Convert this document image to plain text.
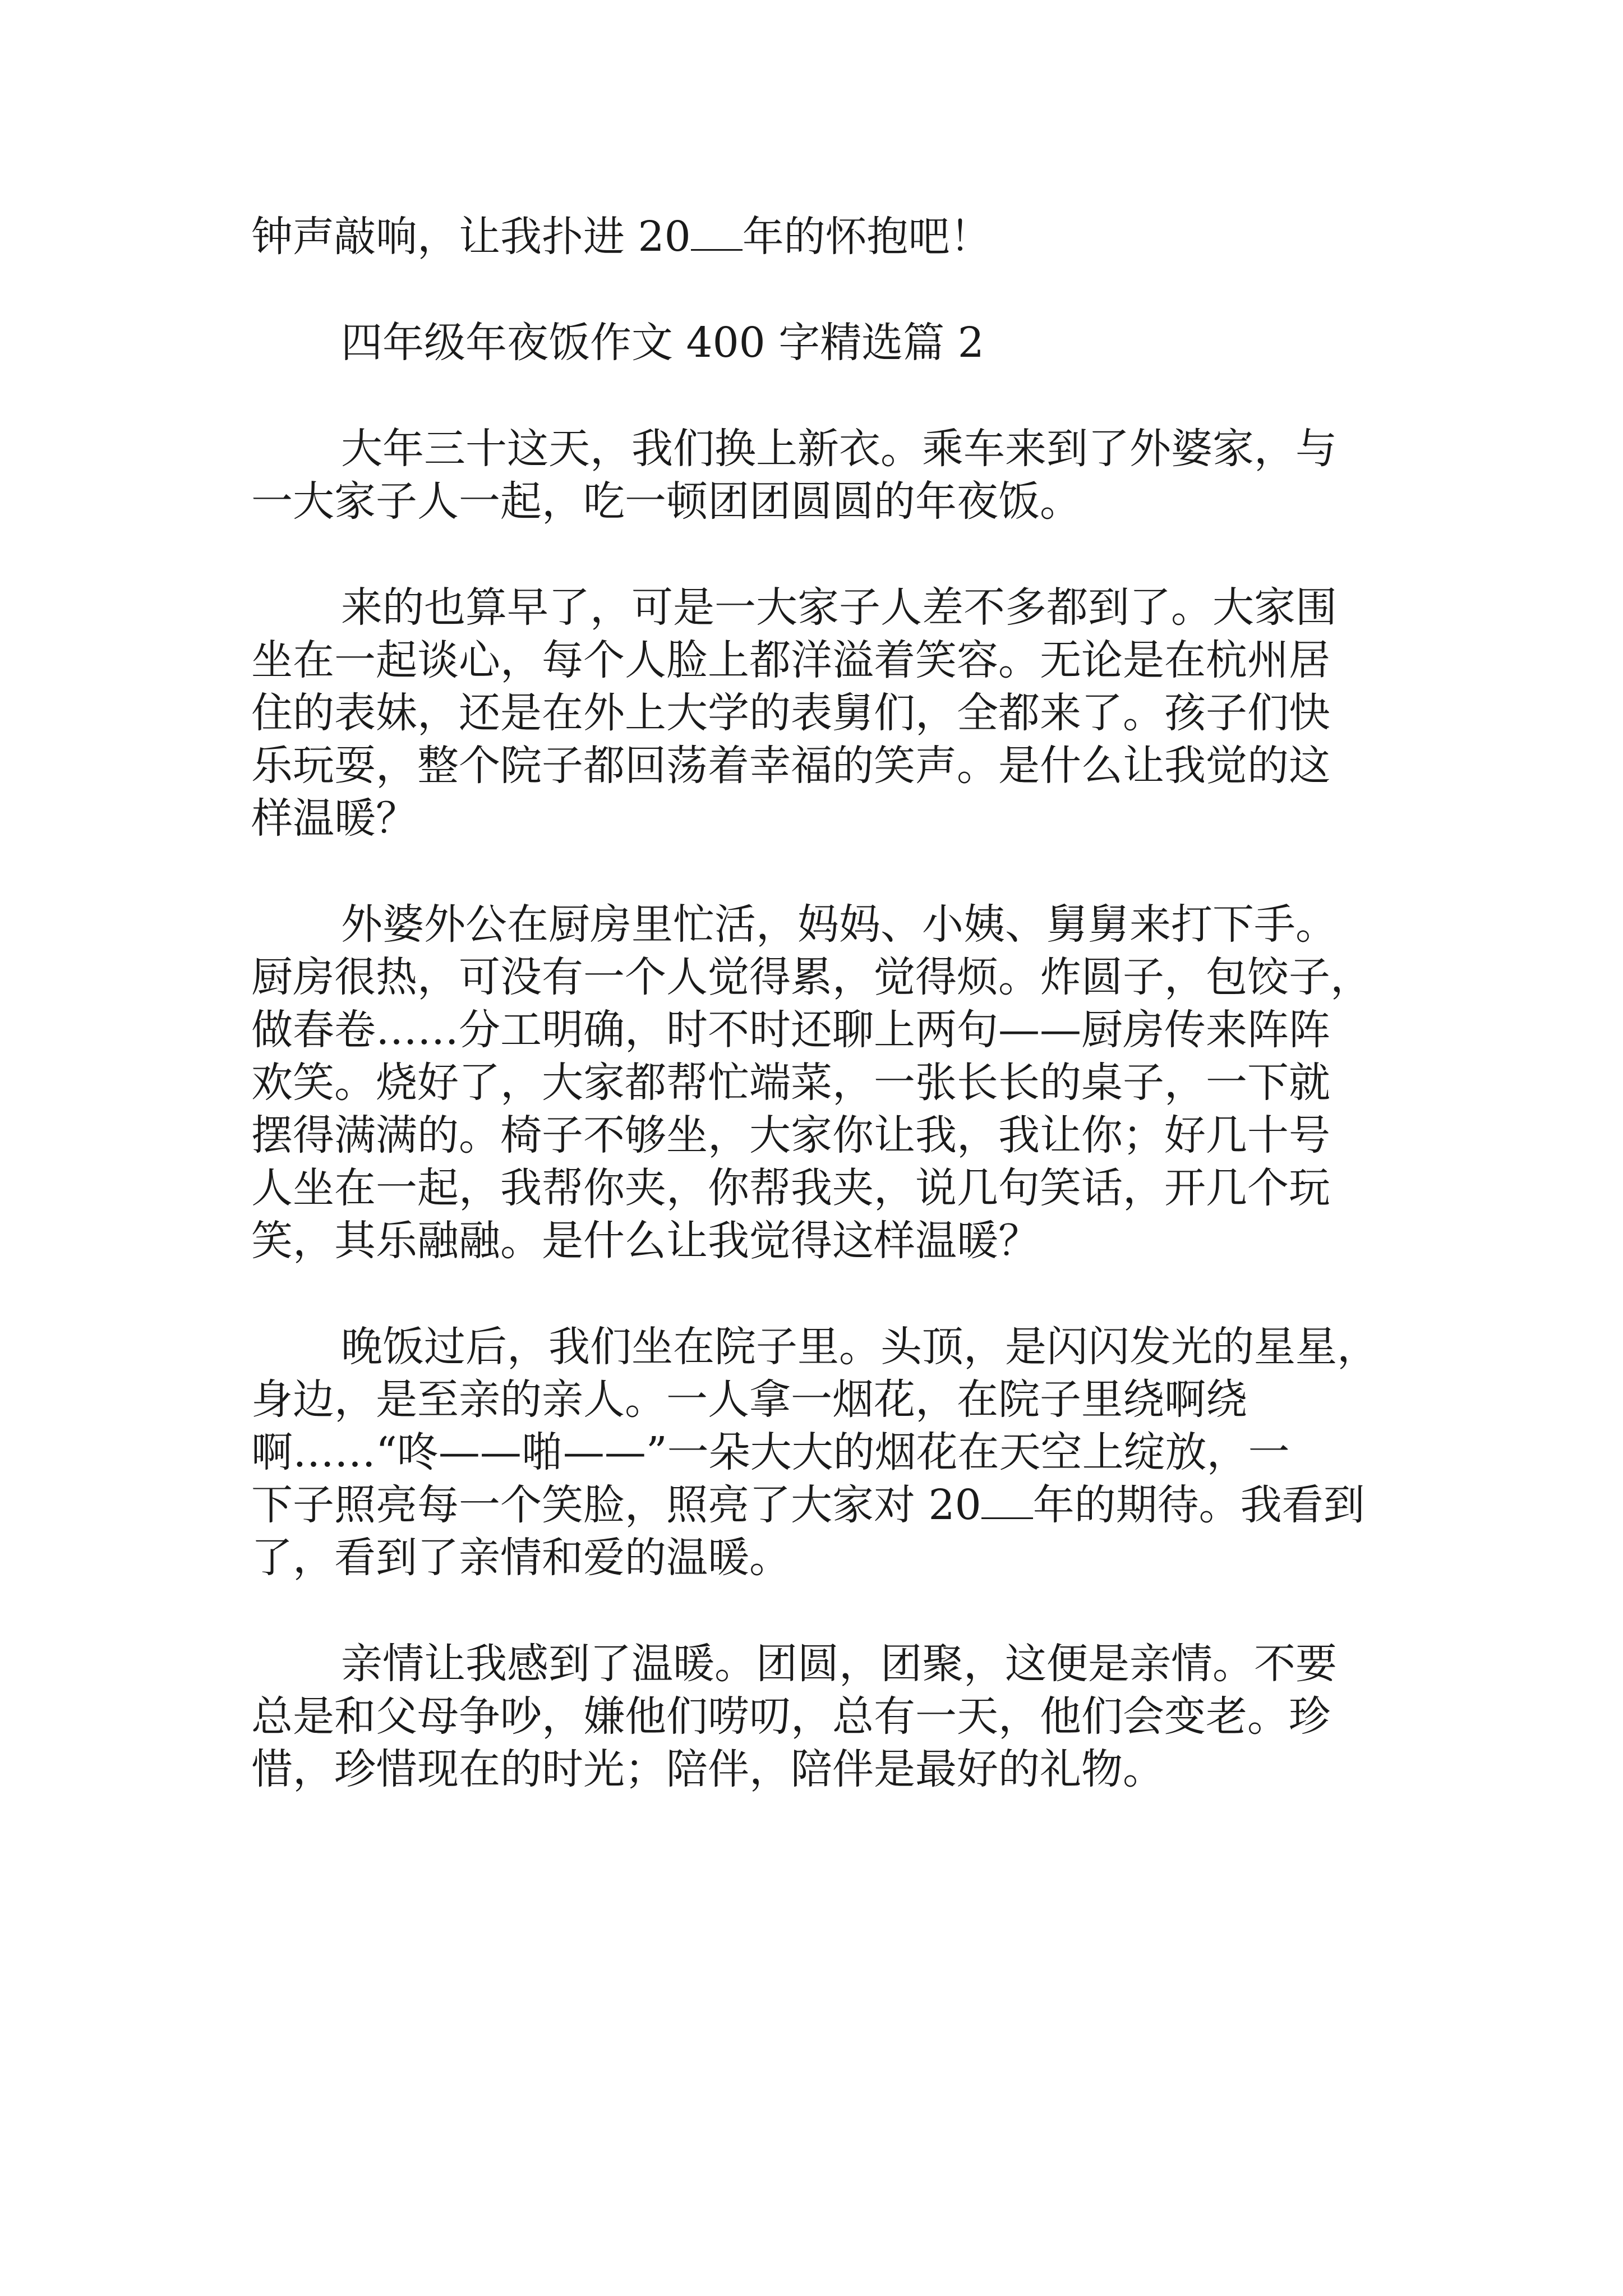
钟声敲响，让我扑进 20 年的怀抱吧！
四年级年夜饭作文 400 字精选篇 2
大年三十这天，我们换上新衣。乘车来到了外婆家，与
一大家子人一起，吃一顿团团圆圆的年夜饭。
来的也算早了，可是一大家子人差不多都到了。大家围
坐在一起谈心，每个人脸上都洋溢着笑容。无论是在杭州居
住的表妹，还是在外上大学的表舅们，全都来了。孩子们快
乐玩耍，整个院子都回荡着幸福的笑声。是什么让我觉的这
样温暖？
外婆外公在厨房里忙活，妈妈、小姨、舅舅来打下手。
厨房很热，可没有一个人觉得累，觉得烦。炸圆子，包饺子，
做春卷……分工明确，时不时还聊上两句——厨房传来阵阵
欢笑。烧好了，大家都帮忙端菜，一张长长的桌子，一下就
摆得满满的。椅子不够坐，大家你让我，我让你；好几十号
人坐在一起，我帮你夹，你帮我夹，说几句笑话，开几个玩
笑，其乐融融。是什么让我觉得这样温暖？
晚饭过后，我们坐在院子里。头顶，是闪闪发光的星星，
身边，是至亲的亲人。一人拿一烟花，在院子里绕啊绕
啊……“咚——啪——”一朵大大的烟花在天空上绽放，一
下子照亮每一个笑脸，照亮了大家对 20 年的期待。我看到
了，看到了亲情和爱的温暖。
亲情让我感到了温暖。团圆，团聚，这便是亲情。不要
总是和父母争吵，嫌他们唠叨，总有一天，他们会变老。珍
惜，珍惜现在的时光；陪伴，陪伴是最好的礼物。
